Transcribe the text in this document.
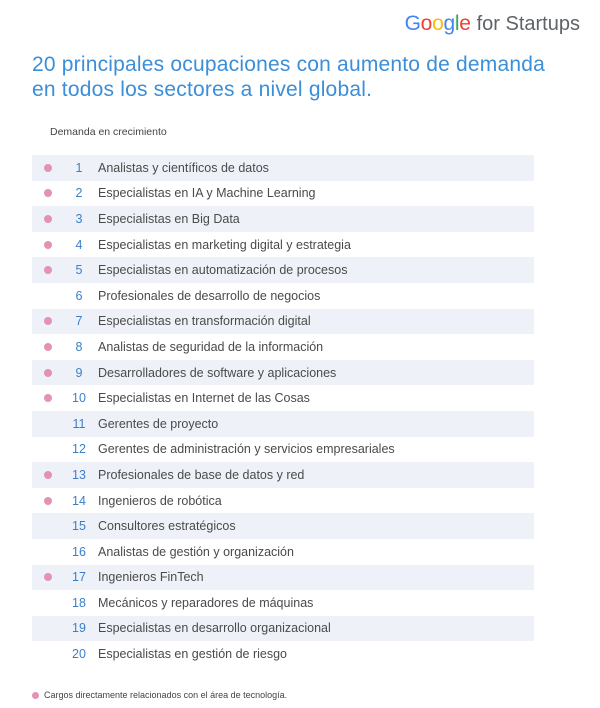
Google for Startups
20 principales ocupaciones con aumento de demanda en todos los sectores a nivel global.
Demanda en crecimiento
1	Analistas y científicos de datos
2	Especialistas en IA y Machine Learning
3	Especialistas en Big Data
4	Especialistas en marketing digital y estrategia
5	Especialistas en automatización de procesos
6	Profesionales de desarrollo de negocios
7	Especialistas en transformación digital
8	Analistas de seguridad de la información
9	Desarrolladores de software y aplicaciones
10 Especialistas en Internet de las Cosas
11	Gerentes de proyecto
12 Gerentes de administración y servicios empresariales
13 Profesionales de base de datos y red
14 Ingenieros de robótica
15 Consultores estratégicos
16 Analistas de gestión y organización
17 Ingenieros FinTech
18 Mecánicos y reparadores de máquinas
19 Especialistas en desarrollo organizacional
20 Especialistas en gestión de riesgo
Cargos directamente relacionados con el área de tecnología.
